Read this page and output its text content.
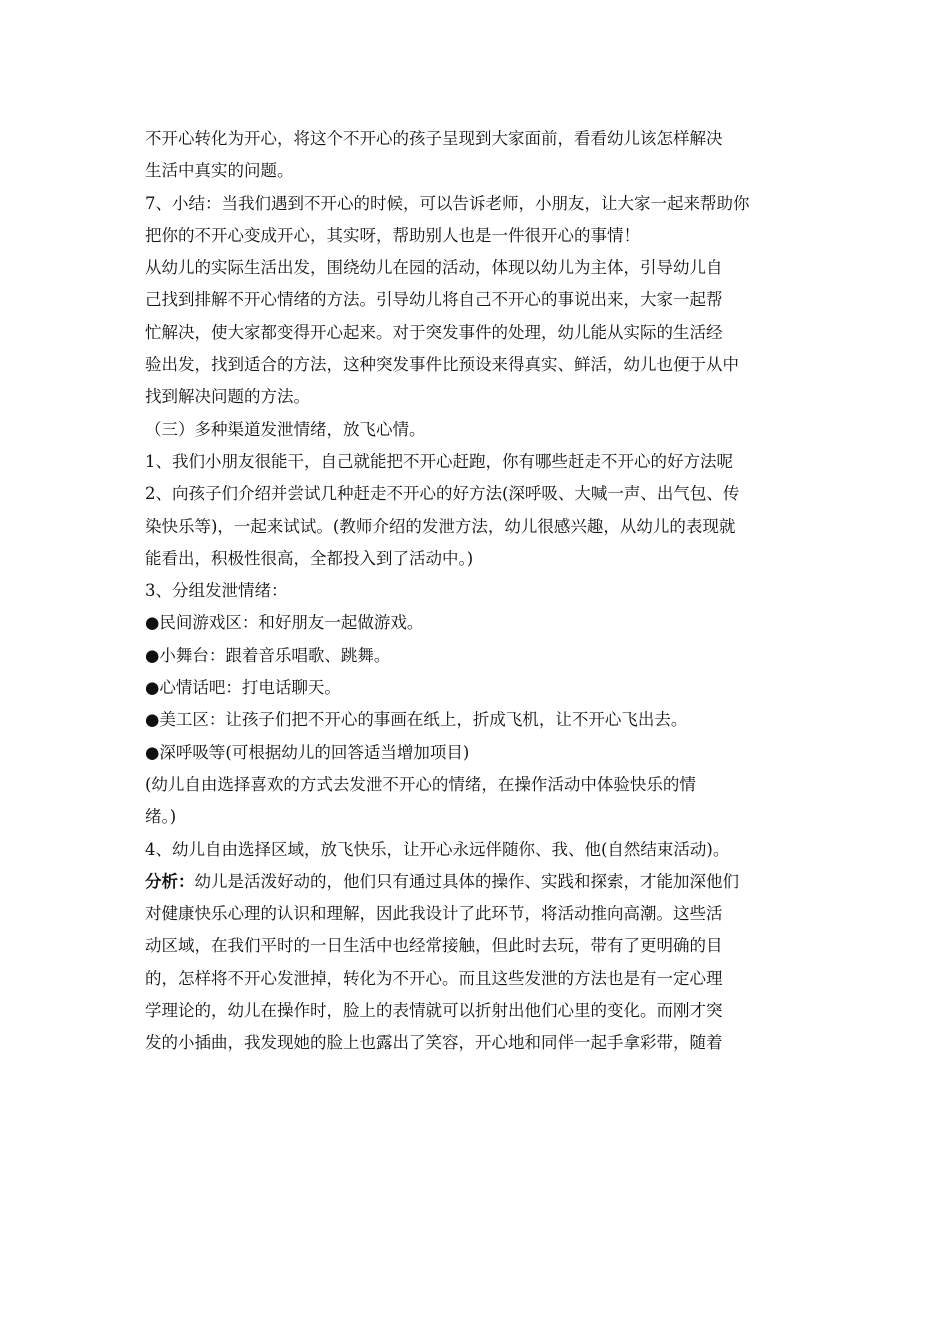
不开心转化为开心，将这个不开心的孩子呈现到大家面前，看看幼儿该怎样解决
生活中真实的问题。
7、小结：当我们遇到不开心的时候，可以告诉老师，小朋友，让大家一起来帮助你
把你的不开心变成开心，其实呀，帮助别人也是一件很开心的事情！
从幼儿的实际生活出发，围绕幼儿在园的活动，体现以幼儿为主体，引导幼儿自
己找到排解不开心情绪的方法。引导幼儿将自己不开心的事说出来，大家一起帮
忙解决，使大家都变得开心起来。对于突发事件的处理，幼儿能从实际的生活经
验出发，找到适合的方法，这种突发事件比预设来得真实、鲜活，幼儿也便于从中
找到解决问题的方法。
（三）多种渠道发泄情绪，放飞心情。
1、我们小朋友很能干，自己就能把不开心赶跑，你有哪些赶走不开心的好方法呢
2、向孩子们介绍并尝试几种赶走不开心的好方法(深呼吸、大喊一声、出气包、传
染快乐等)，一起来试试。(教师介绍的发泄方法，幼儿很感兴趣，从幼儿的表现就
能看出，积极性很高，全都投入到了活动中。)
3、分组发泄情绪：
●民间游戏区：和好朋友一起做游戏。
●小舞台：跟着音乐唱歌、跳舞。
●心情话吧：打电话聊天。
●美工区：让孩子们把不开心的事画在纸上，折成飞机，让不开心飞出去。
●深呼吸等(可根据幼儿的回答适当增加项目)
(幼儿自由选择喜欢的方式去发泄不开心的情绪，在操作活动中体验快乐的情
绪。)
4、幼儿自由选择区域，放飞快乐，让开心永远伴随你、我、他(自然结束活动)。
分析：幼儿是活泼好动的，他们只有通过具体的操作、实践和探索，才能加深他们
对健康快乐心理的认识和理解，因此我设计了此环节，将活动推向高潮。这些活
动区域，在我们平时的一日生活中也经常接触，但此时去玩，带有了更明确的目
的，怎样将不开心发泄掉，转化为不开心。而且这些发泄的方法也是有一定心理
学理论的，幼儿在操作时，脸上的表情就可以折射出他们心里的变化。而刚才突
发的小插曲，我发现她的脸上也露出了笑容，开心地和同伴一起手拿彩带，随着
